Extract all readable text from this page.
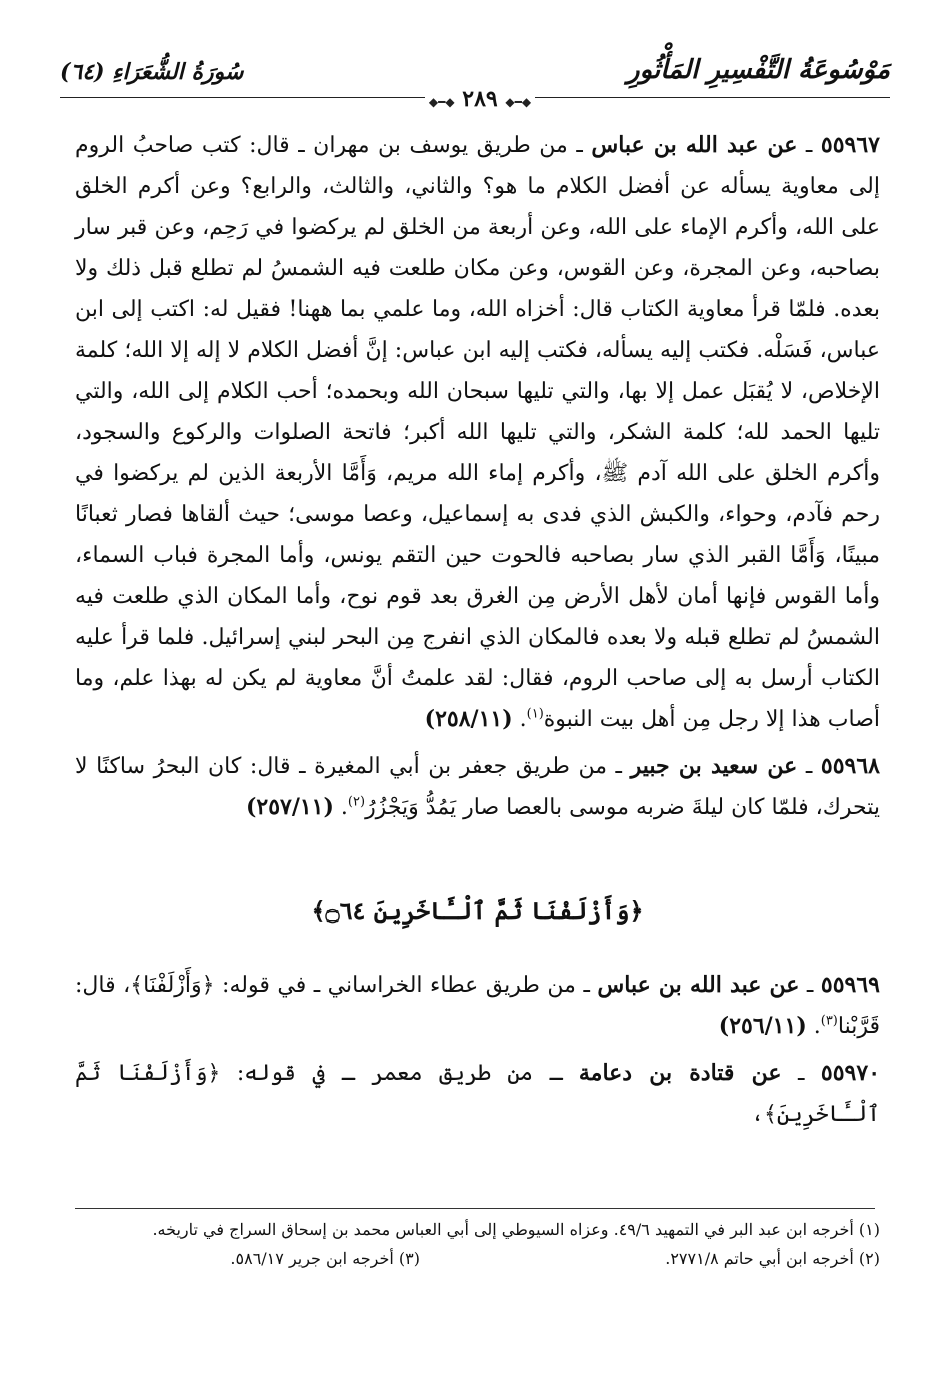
مَوْسُوعَةُ التَّفْسِيرِ المَأْثُورِ
سُورَةُ الشُّعَرَاءِ (٦٤)
◆━◆ ٢٨٩ ◆━◆

٥٥٩٦٧ ـ عن عبد الله بن عباس ـ من طريق يوسف بن مهران ـ قال: كتب صاحبُ الروم إلى معاوية يسأله عن أفضل الكلام ما هو؟ والثاني، والثالث، والرابع؟ وعن أكرم الخلق على الله، وأكرم الإماء على الله، وعن أربعة من الخلق لم يركضوا في رَحِم، وعن قبر سار بصاحبه، وعن المجرة، وعن القوس، وعن مكان طلعت فيه الشمسُ لم تطلع قبل ذلك ولا بعده. فلمّا قرأ معاوية الكتاب قال: أخزاه الله، وما علمي بما ههنا! فقيل له: اكتب إلى ابن عباس، فَسَلْه. فكتب إليه يسأله، فكتب إليه ابن عباس: إنَّ أفضل الكلام لا إله إلا الله؛ كلمة الإخلاص، لا يُقبَل عمل إلا بها، والتي تليها سبحان الله وبحمده؛ أحب الكلام إلى الله، والتي تليها الحمد لله؛ كلمة الشكر، والتي تليها الله أكبر؛ فاتحة الصلوات والركوع والسجود، وأكرم الخلق على الله آدم ﷺ، وأكرم إماء الله مريم، وَأَمَّا الأربعة الذين لم يركضوا في رحم فآدم، وحواء، والكبش الذي فدى به إسماعيل، وعصا موسى؛ حيث ألقاها فصار ثعبانًا مبينًا، وَأَمَّا القبر الذي سار بصاحبه فالحوت حين التقم يونس، وأما المجرة فباب السماء، وأما القوس فإنها أمان لأهل الأرض مِن الغرق بعد قوم نوح، وأما المكان الذي طلعت فيه الشمسُ لم تطلع قبله ولا بعده فالمكان الذي انفرج مِن البحر لبني إسرائيل. فلما قرأ عليه الكتاب أرسل به إلى صاحب الروم، فقال: لقد علمتُ أنَّ معاوية لم يكن له بهذا علم، وما أصاب هذا إلا رجل مِن أهل بيت النبوة$^{(١)}$. (٢٥٨/١١)

٥٥٩٦٨ ـ عن سعيد بن جبير ـ من طريق جعفر بن أبي المغيرة ـ قال: كان البحرُ ساكنًا لا يتحرك، فلمّا كان ليلةَ ضربه موسى بالعصا صار يَمُدُّ وَيَجْزُرُ$^{(٢)}$. (٢٥٧/١١)

﴿وَأَزْلَفْنَا ثَمَّ ٱلْـَٔاخَرِينَ ۝٦٤﴾

٥٥٩٦٩ ـ عن عبد الله بن عباس ـ من طريق عطاء الخراساني ـ في قوله: ﴿وَأَزْلَفْنَا﴾، قال: قَرَّبْنا$^{(٣)}$. (٢٥٦/١١)

٥٥٩٧٠ ـ عن قتادة بن دعامة ـ من طريق معمر ـ في قوله: ﴿وَأَزْلَفْنَا ثَمَّ ٱلْـَٔاخَرِينَ﴾،

(١) أخرجه ابن عبد البر في التمهيد ٤٩/٦. وعزاه السيوطي إلى أبي العباس محمد بن إسحاق السراج في تاريخه.
(٢) أخرجه ابن أبي حاتم ٢٧٧١/٨.
(٣) أخرجه ابن جرير ٥٨٦/١٧.
